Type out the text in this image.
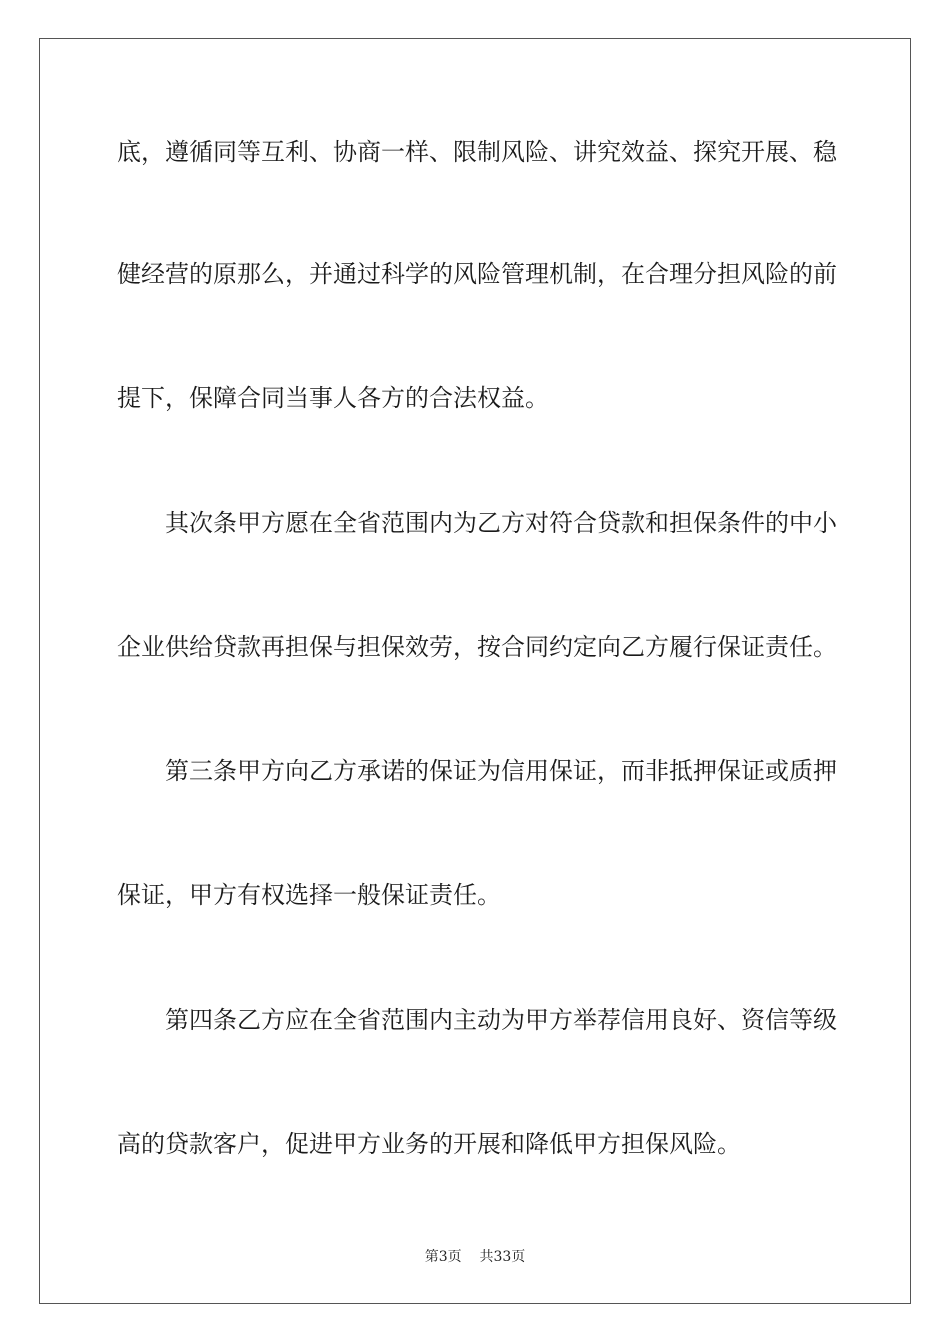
底，遵循同等互利、协商一样、限制风险、讲究效益、探究开展、稳
健经营的原那么，并通过科学的风险管理机制，在合理分担风险的前
提下，保障合同当事人各方的合法权益。
其次条甲方愿在全省范围内为乙方对符合贷款和担保条件的中小
企业供给贷款再担保与担保效劳，按合同约定向乙方履行保证责任。
第三条甲方向乙方承诺的保证为信用保证，而非抵押保证或质押
保证，甲方有权选择一般保证责任。
第四条乙方应在全省范围内主动为甲方举荐信用良好、资信等级
高的贷款客户，促进甲方业务的开展和降低甲方担保风险。
第3页 共33页
